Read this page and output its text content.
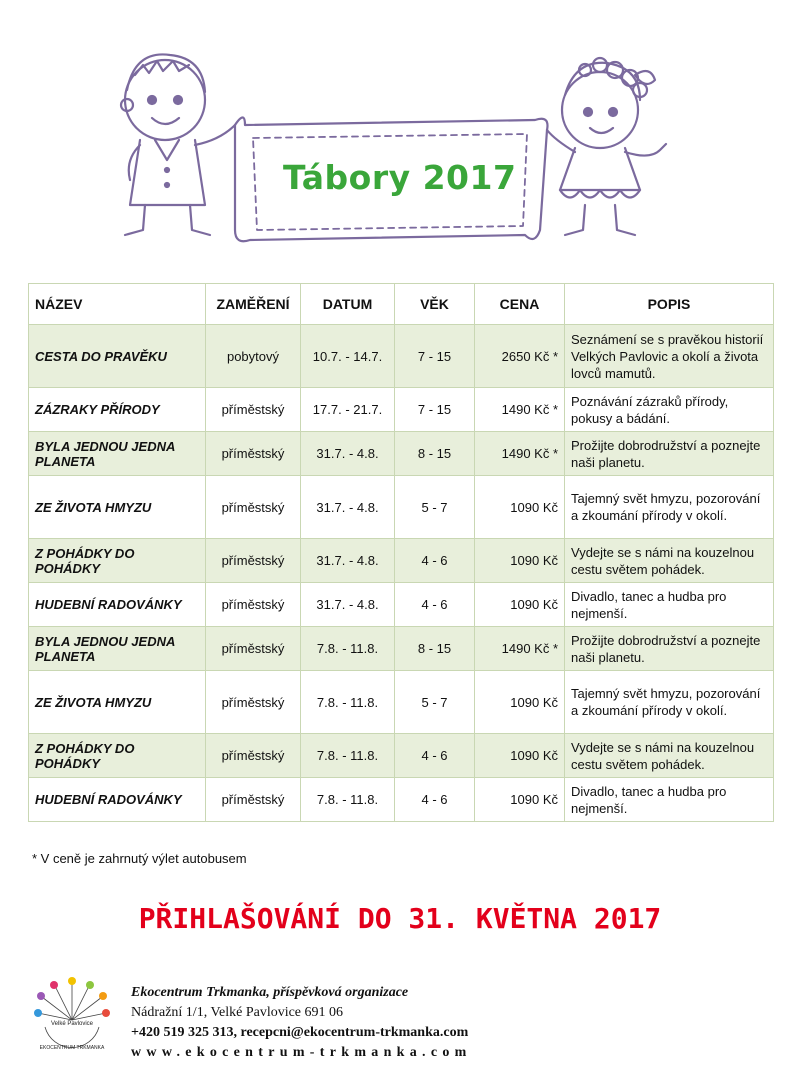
Tábory 2017
NÁZEV	ZAMĚŘENÍ	DATUM	VĚK	CENA	POPIS
CESTA DO PRAVĚKU	pobytový	10.7. - 14.7.	7 - 15	2650 Kč *	Seznámení se s pravěkou historií Velkých Pavlovic a okolí a života lovců mamutů.
ZÁZRAKY PŘÍRODY	příměstský	17.7. - 21.7.	7 - 15	1490 Kč *	Poznávání zázraků přírody, pokusy a bádání.
BYLA JEDNOU JEDNA PLANETA	příměstský	31.7. - 4.8.	8 - 15	1490 Kč *	Prožijte dobrodružství a poznejte naši planetu.
ZE ŽIVOTA HMYZU	příměstský	31.7. - 4.8.	5 - 7	1090 Kč	Tajemný svět hmyzu, pozorování a zkoumání přírody v okolí.
Z POHÁDKY DO POHÁDKY	příměstský	31.7. - 4.8.	4 - 6	1090 Kč	Vydejte se s námi na kouzelnou cestu světem pohádek.
HUDEBNÍ RADOVÁNKY	příměstský	31.7. - 4.8.	4 - 6	1090 Kč	Divadlo, tanec a hudba pro nejmenší.
BYLA JEDNOU JEDNA PLANETA	příměstský	7.8. - 11.8.	8 - 15	1490 Kč *	Prožijte dobrodružství a poznejte naši planetu.
ZE ŽIVOTA HMYZU	příměstský	7.8. - 11.8.	5 - 7	1090 Kč	Tajemný svět hmyzu, pozorování a zkoumání přírody v okolí.
Z POHÁDKY DO POHÁDKY	příměstský	7.8. - 11.8.	4 - 6	1090 Kč	Vydejte se s námi na kouzelnou cestu světem pohádek.
HUDEBNÍ RADOVÁNKY	příměstský	7.8. - 11.8.	4 - 6	1090 Kč	Divadlo, tanec a hudba pro nejmenší.
* V ceně je zahrnutý výlet autobusem
PŘIHLAŠOVÁNÍ DO 31. KVĚTNA 2017
Velké Pavlovice
EKOCENTRUM TRKMANKA
Ekocentrum Trkmanka, příspěvková organizace
Nádražní 1/1, Velké Pavlovice 691 06
+420 519 325 313, recepcni@ekocentrum-trkmanka.com
www.ekocentrum-trkmanka.com
